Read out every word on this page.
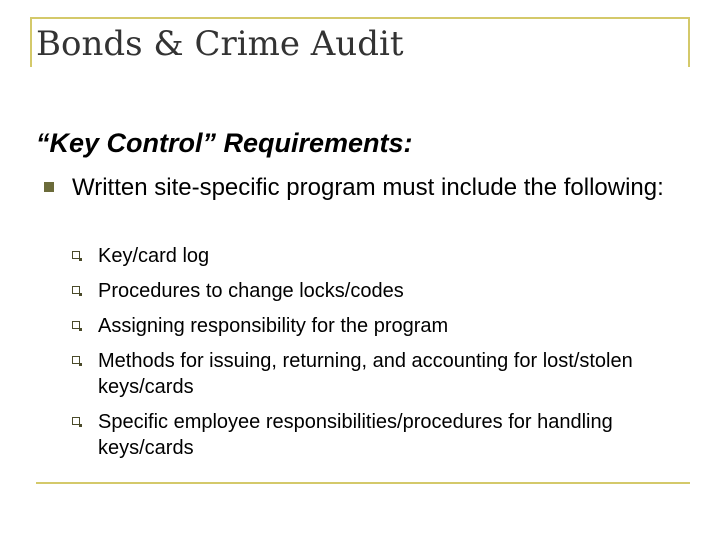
Bonds & Crime Audit
“Key Control” Requirements:
Written site-specific program must include the following:
Key/card log
Procedures to change locks/codes
Assigning responsibility for the program
Methods for issuing, returning, and accounting for lost/stolen keys/cards
Specific employee responsibilities/procedures for handling keys/cards
